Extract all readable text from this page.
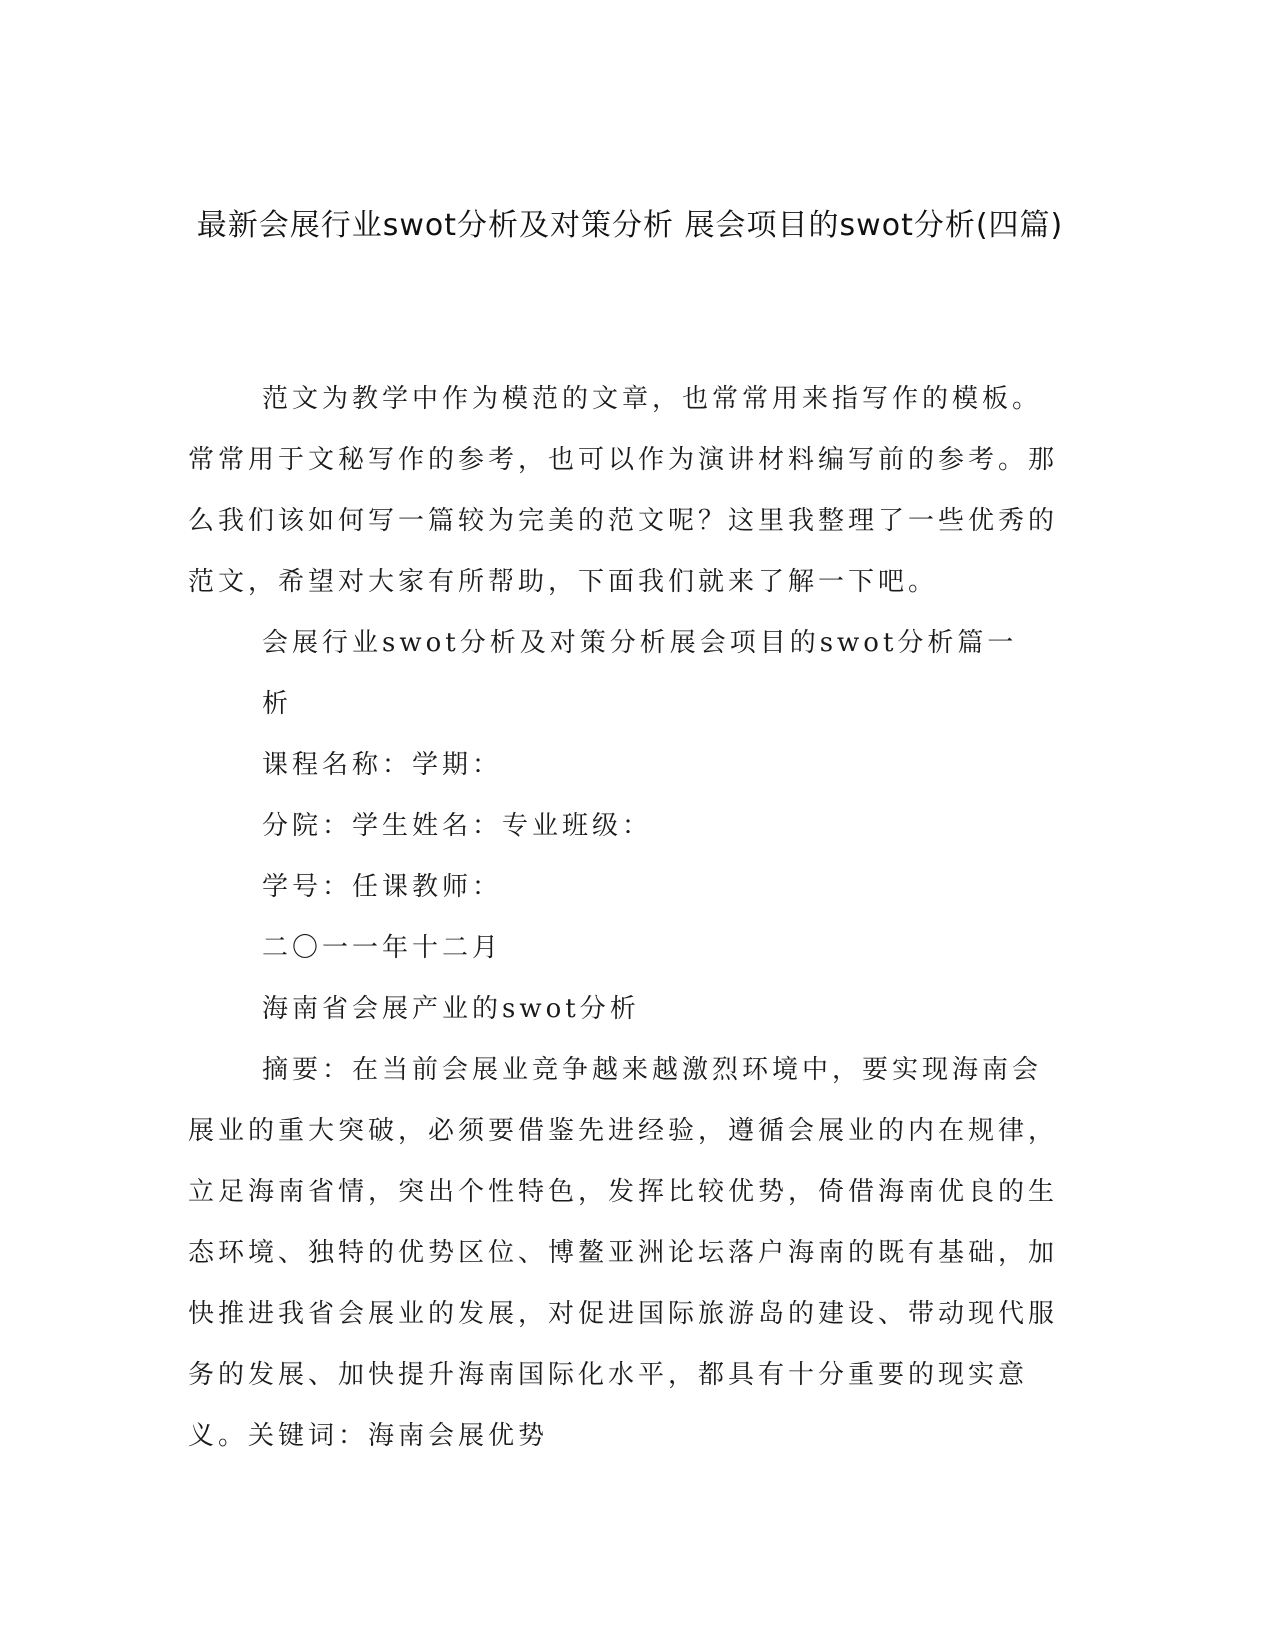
最新会展行业swot分析及对策分析 展会项目的swot分析(四篇)

范文为教学中作为模范的文章，也常常用来指写作的模板。常常用于文秘写作的参考，也可以作为演讲材料编写前的参考。那么我们该如何写一篇较为完美的范文呢？这里我整理了一些优秀的范文，希望对大家有所帮助，下面我们就来了解一下吧。

会展行业swot分析及对策分析展会项目的swot分析篇一

析

课程名称：学期：

分院：学生姓名：专业班级：

学号：任课教师：

二〇一一年十二月

海南省会展产业的swot分析

摘要：在当前会展业竞争越来越激烈环境中，要实现海南会展业的重大突破，必须要借鉴先进经验，遵循会展业的内在规律，立足海南省情，突出个性特色，发挥比较优势，倚借海南优良的生态环境、独特的优势区位、博鳌亚洲论坛落户海南的既有基础，加快推进我省会展业的发展，对促进国际旅游岛的建设、带动现代服务的发展、加快提升海南国际化水平，都具有十分重要的现实意义。关键词：海南会展优势
